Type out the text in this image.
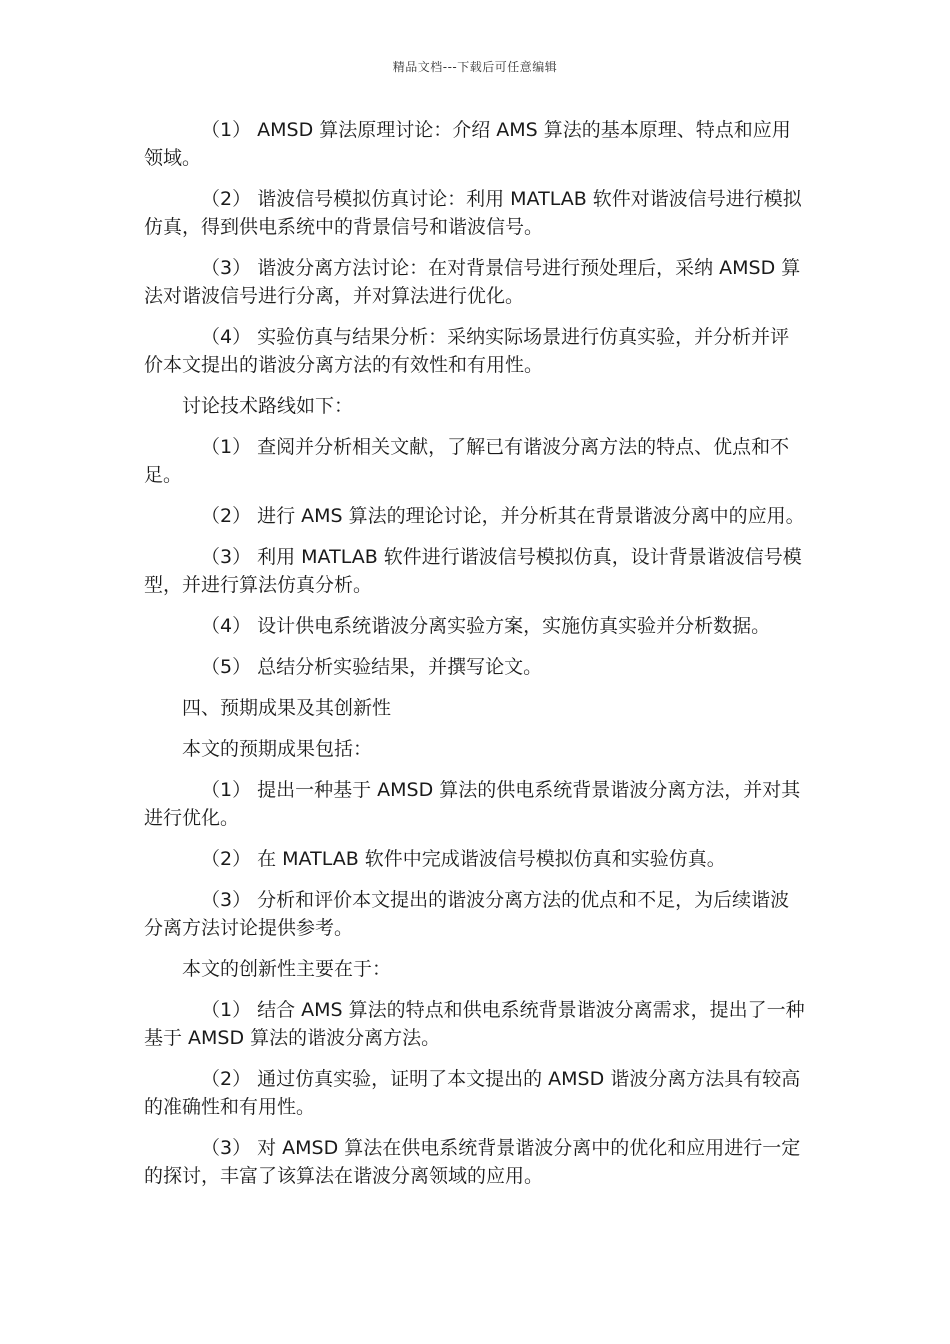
精品文档---下载后可任意编辑

（1） AMSD 算法原理讨论：介绍 AMS 算法的基本原理、特点和应用领域。

（2） 谐波信号模拟仿真讨论：利用 MATLAB 软件对谐波信号进行模拟仿真，得到供电系统中的背景信号和谐波信号。

（3） 谐波分离方法讨论：在对背景信号进行预处理后，采纳 AMSD 算法对谐波信号进行分离，并对算法进行优化。

（4） 实验仿真与结果分析：采纳实际场景进行仿真实验，并分析并评价本文提出的谐波分离方法的有效性和有用性。

讨论技术路线如下：

（1） 查阅并分析相关文献，了解已有谐波分离方法的特点、优点和不足。

（2） 进行 AMS 算法的理论讨论，并分析其在背景谐波分离中的应用。

（3） 利用 MATLAB 软件进行谐波信号模拟仿真，设计背景谐波信号模型，并进行算法仿真分析。

（4） 设计供电系统谐波分离实验方案，实施仿真实验并分析数据。

（5） 总结分析实验结果，并撰写论文。

四、预期成果及其创新性

本文的预期成果包括：

（1） 提出一种基于 AMSD 算法的供电系统背景谐波分离方法，并对其进行优化。

（2） 在 MATLAB 软件中完成谐波信号模拟仿真和实验仿真。

（3） 分析和评价本文提出的谐波分离方法的优点和不足，为后续谐波分离方法讨论提供参考。

本文的创新性主要在于：

（1） 结合 AMS 算法的特点和供电系统背景谐波分离需求，提出了一种基于 AMSD 算法的谐波分离方法。

（2） 通过仿真实验，证明了本文提出的 AMSD 谐波分离方法具有较高的准确性和有用性。

（3） 对 AMSD 算法在供电系统背景谐波分离中的优化和应用进行一定的探讨，丰富了该算法在谐波分离领域的应用。
